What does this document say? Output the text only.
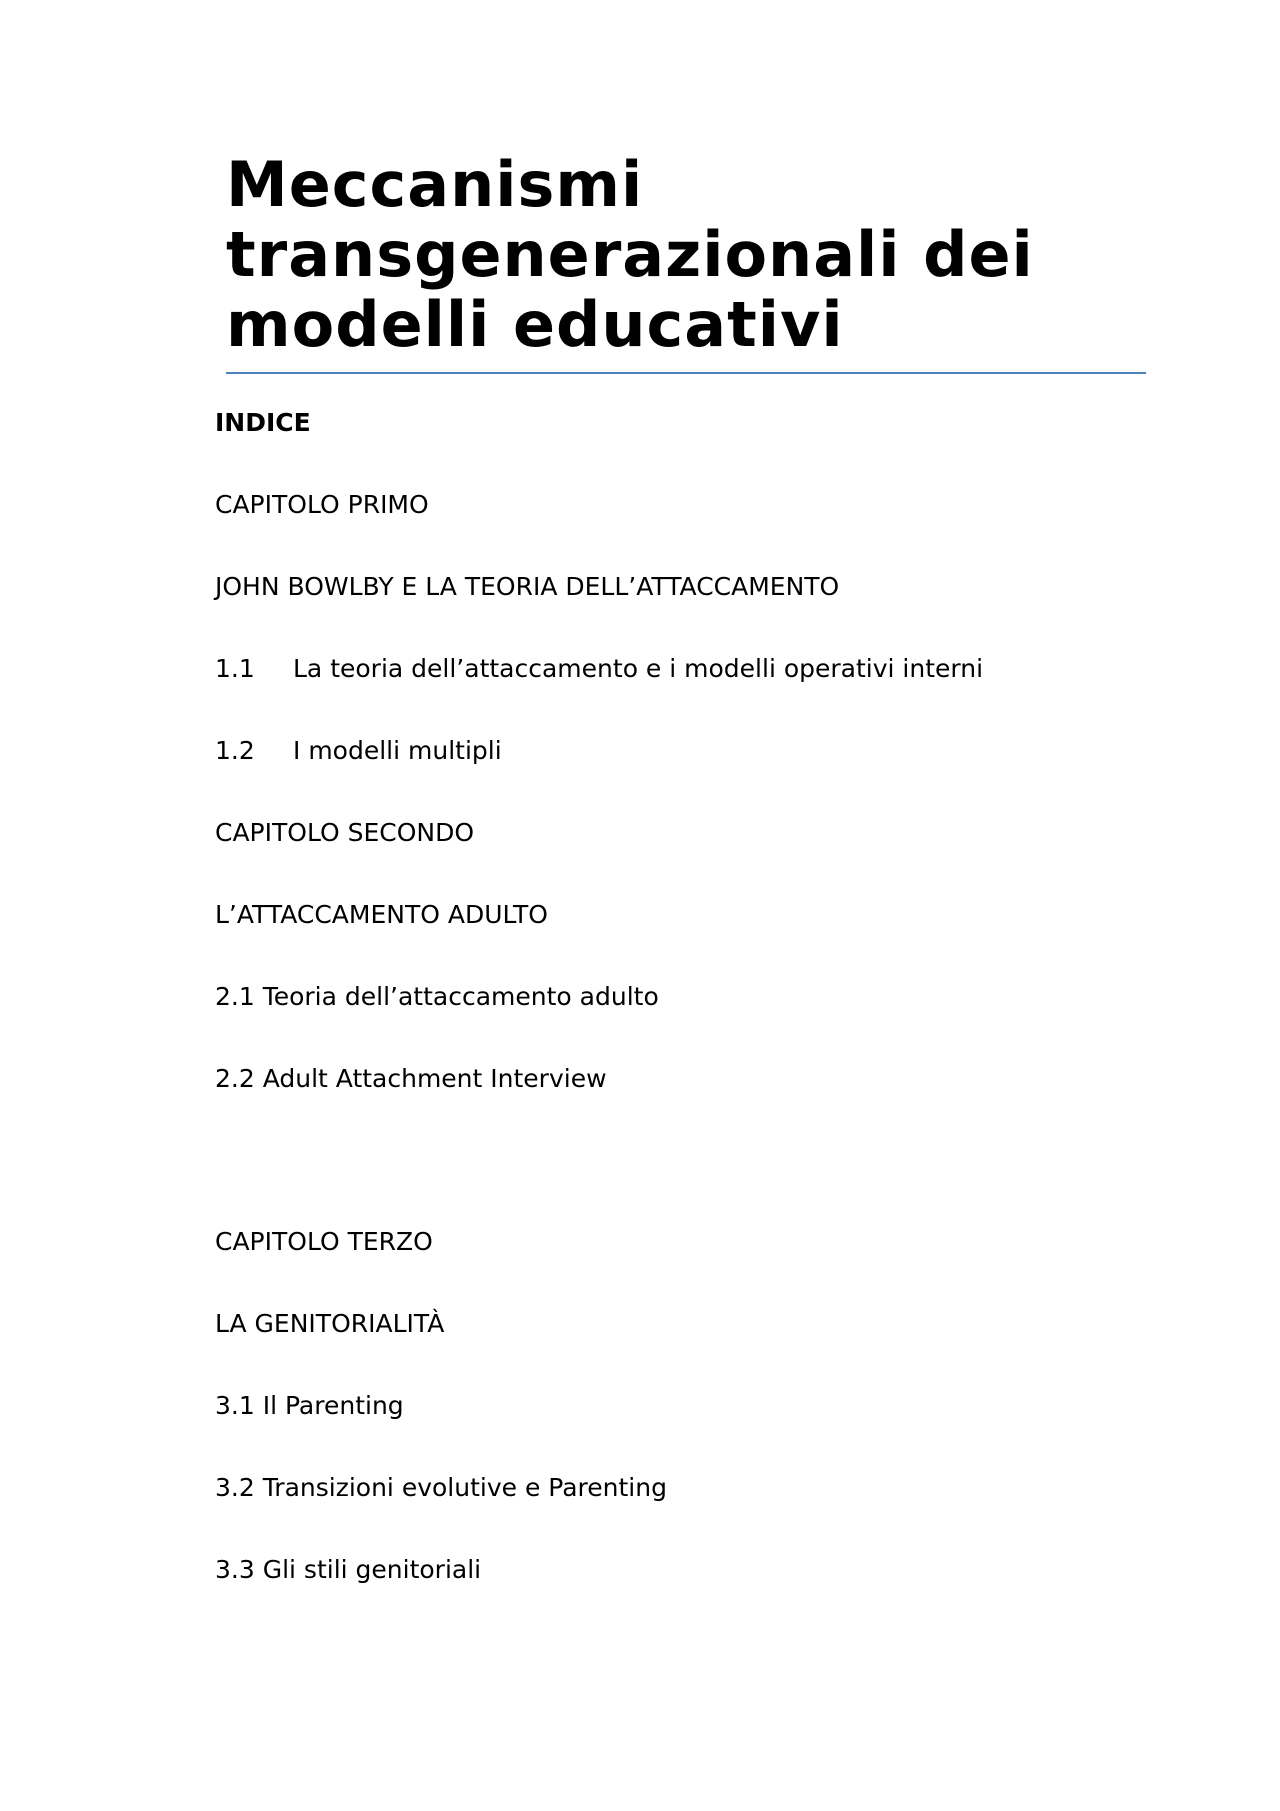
Meccanismi
transgenerazionali dei
modelli educativi
INDICE
CAPITOLO PRIMO
JOHN BOWLBY E LA TEORIA DELL’ATTACCAMENTO
1.1 La teoria dell’attaccamento e i modelli operativi interni
1.2 I modelli multipli
CAPITOLO SECONDO
L’ATTACCAMENTO ADULTO
2.1 Teoria dell’attaccamento adulto
2.2 Adult Attachment Interview
CAPITOLO TERZO
LA GENITORIALITÀ
3.1 Il Parenting
3.2 Transizioni evolutive e Parenting
3.3 Gli stili genitoriali
